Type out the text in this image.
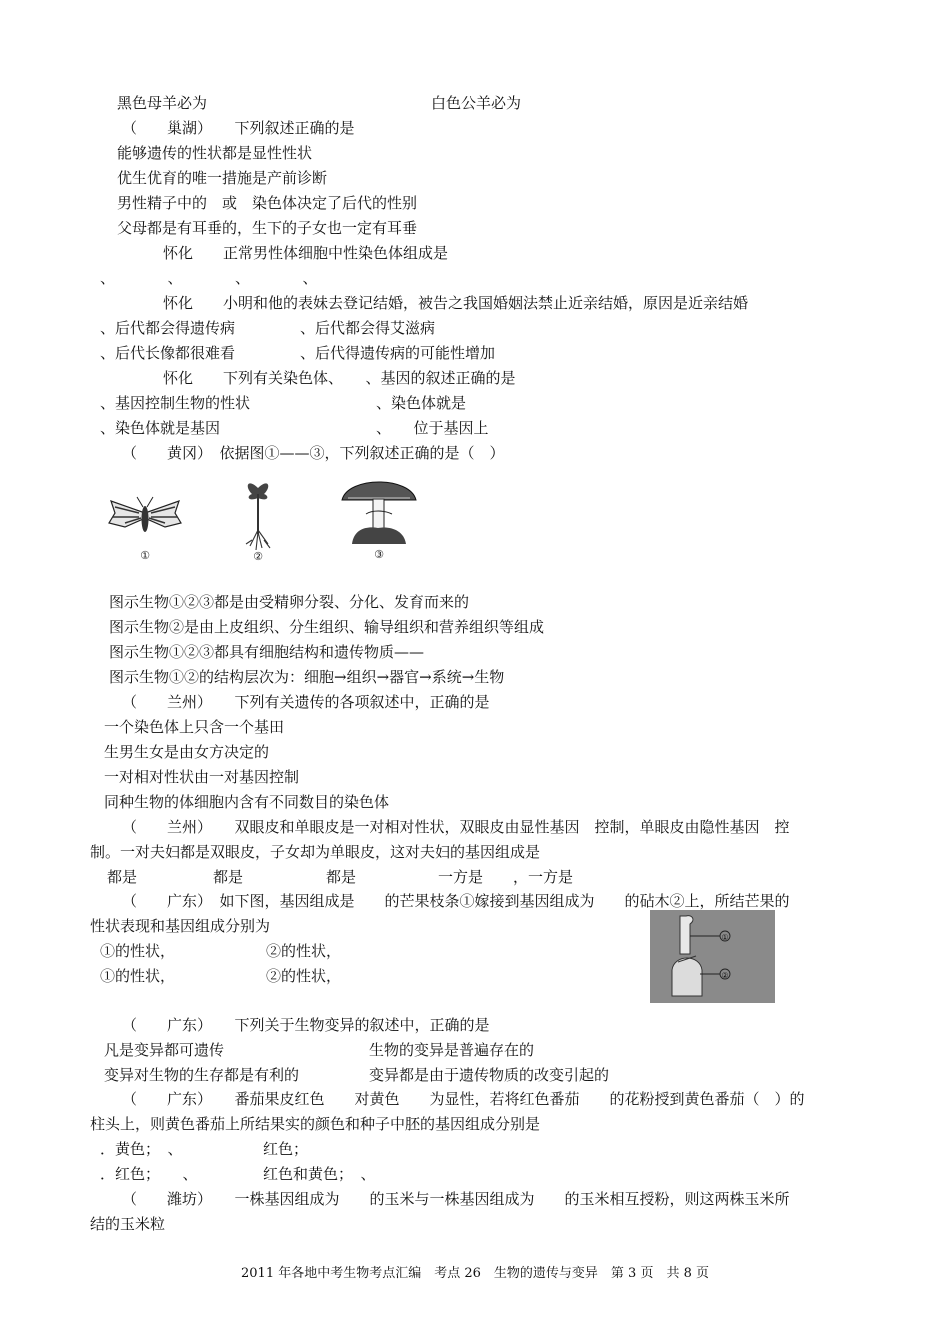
黑色母羊必为	白色公羊必为
（　　巢湖）　　下列叙述正确的是
能够遗传的性状都是显性性状
优生优育的唯一措施是产前诊断
男性精子中的　或　染色体决定了后代的性别
父母都是有耳垂的，生下的子女也一定有耳垂
怀化　　正常男性体细胞中性染色体组成是
、　　　　、　　　　、　　　　、
怀化　　小明和他的表妹去登记结婚，被告之我国婚姻法禁止近亲结婚，原因是近亲结婚
、后代都会得遗传病	、后代都会得艾滋病
、后代长像都很难看	、后代得遗传病的可能性增加
怀化　　下列有关染色体、　　、基因的叙述正确的是
、基因控制生物的性状	、染色体就是
、染色体就是基因	、　　位于基因上
（　　黄冈）　依据图①——③，下列叙述正确的是（　）
①	②	③
图示生物①②③都是由受精卵分裂、分化、发育而来的
图示生物②是由上皮组织、分生组织、输导组织和营养组织等组成
图示生物①②③都具有细胞结构和遗传物质——
图示生物①②的结构层次为：细胞→组织→器官→系统→生物
（　　兰州）　　下列有关遗传的各项叙述中，正确的是
一个染色体上只含一个基田
生男生女是由女方决定的
一对相对性状由一对基因控制
同种生物的体细胞内含有不同数目的染色体
（　　兰州）　　双眼皮和单眼皮是一对相对性状，双眼皮由显性基因　控制，单眼皮由隐性基因　控
制。一对夫妇都是双眼皮，子女却为单眼皮，这对夫妇的基因组成是
都是	都是	都是	一方是　　，一方是
（　　广东）　如下图，基因组成是　　的芒果枝条①嫁接到基因组成为　　的砧木②上，所结芒果的
性状表现和基因组成分别为
①的性状，	②的性状，
①的性状，	②的性状，
①
②
（　　广东）　　下列关于生物变异的叙述中，正确的是
凡是变异都可遗传	生物的变异是普遍存在的
变异对生物的生存都是有利的	变异都是由于遗传物质的改变引起的
（　　广东）　　番茄果皮红色　　对黄色　　为显性，若将红色番茄　　的花粉授到黄色番茄（　）的
柱头上，则黄色番茄上所结果实的颜色和种子中胚的基因组成分别是
．黄色；　、	红色；
．红色；　　、	红色和黄色；　、
（　　潍坊）　　一株基因组成为　　的玉米与一株基因组成为　　的玉米相互授粉，则这两株玉米所
结的玉米粒
2011 年各地中考生物考点汇编　考点 26　生物的遗传与变异　第 3 页　共 8 页
